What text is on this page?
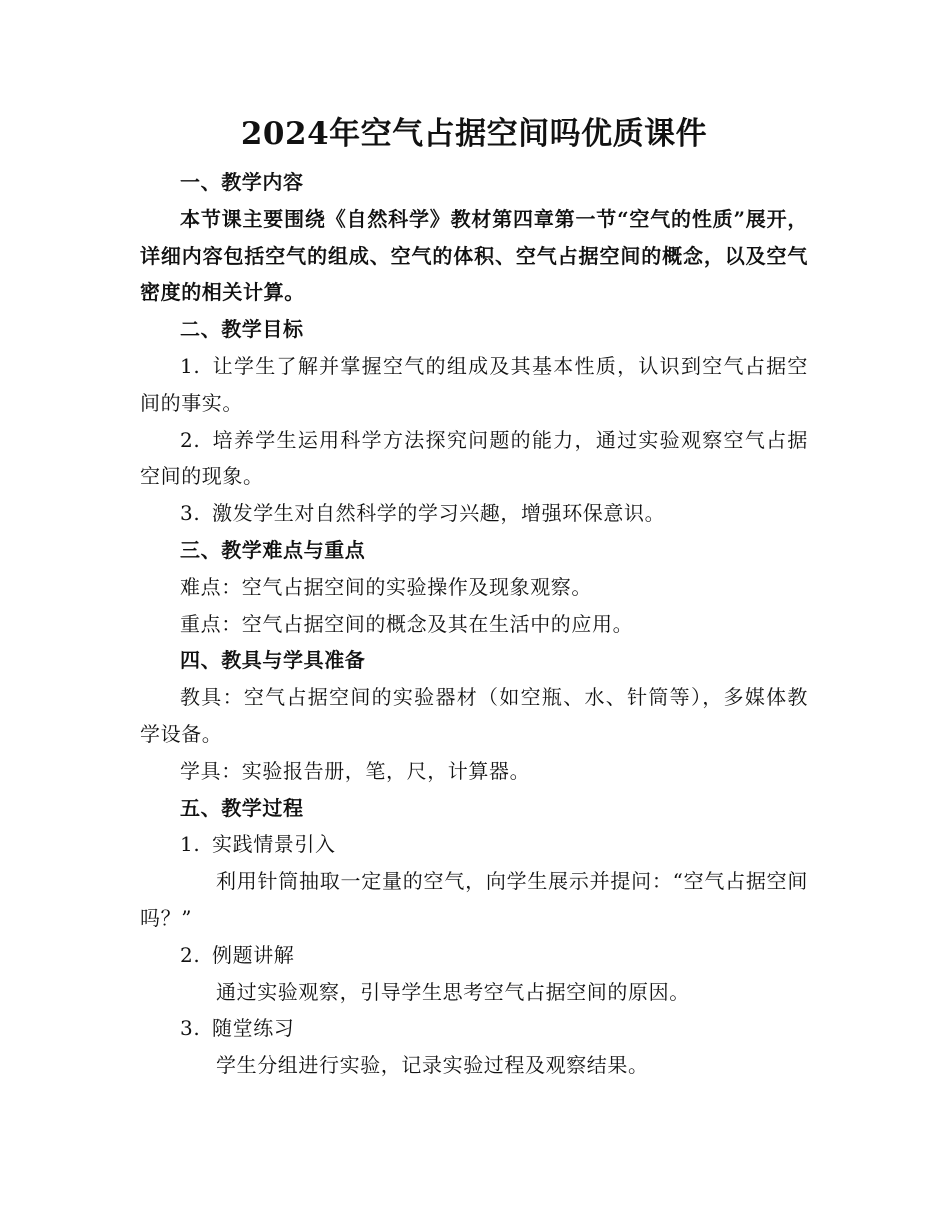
2024年空气占据空间吗优质课件
一、教学内容
本节课主要围绕《自然科学》教材第四章第一节“空气的性质”展开，详细内容包括空气的组成、空气的体积、空气占据空间的概念，以及空气密度的相关计算。
二、教学目标
1. 让学生了解并掌握空气的组成及其基本性质，认识到空气占据空间的事实。
2. 培养学生运用科学方法探究问题的能力，通过实验观察空气占据空间的现象。
3. 激发学生对自然科学的学习兴趣，增强环保意识。
三、教学难点与重点
难点：空气占据空间的实验操作及现象观察。
重点：空气占据空间的概念及其在生活中的应用。
四、教具与学具准备
教具：空气占据空间的实验器材（如空瓶、水、针筒等），多媒体教学设备。
学具：实验报告册，笔，尺，计算器。
五、教学过程
1. 实践情景引入
利用针筒抽取一定量的空气，向学生展示并提问：“空气占据空间吗？”
2. 例题讲解
通过实验观察，引导学生思考空气占据空间的原因。
3. 随堂练习
学生分组进行实验，记录实验过程及观察结果。
